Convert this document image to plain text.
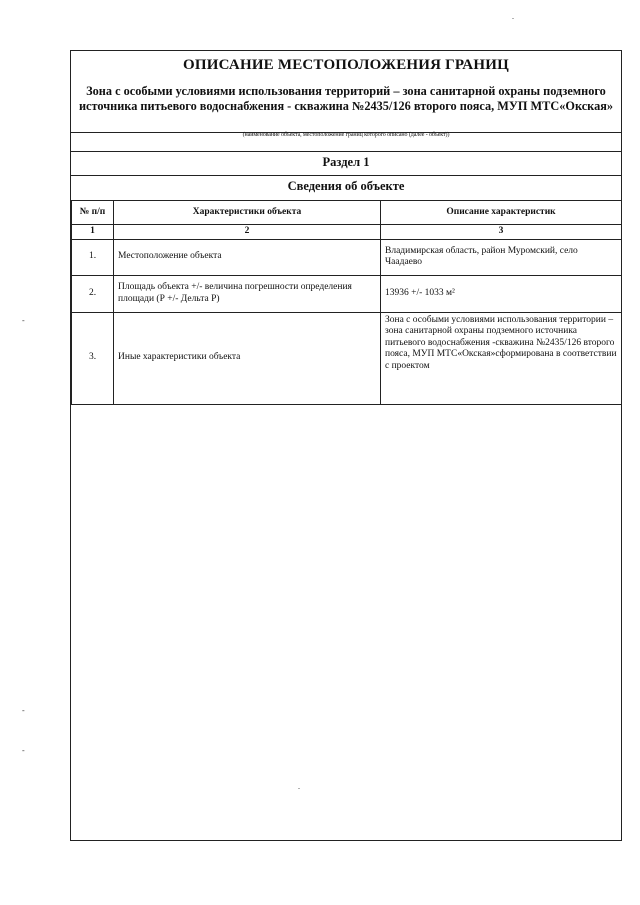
ОПИСАНИЕ МЕСТОПОЛОЖЕНИЯ ГРАНИЦ
Зона с особыми условиями использования территорий – зона санитарной охраны подземного источника питьевого водоснабжения - скважина №2435/126 второго пояса, МУП МТС«Окская»
(наименование объекта, местоположение границ которого описано (далее - объект))
Раздел 1
Сведения об объекте
№ п/п	Характеристики объекта	Описание характеристик
1	2	3
1.	Местоположение объекта	Владимирская область, район Муромский, село Чаадаево
2.	Площадь объекта +/- величина погрешности определения площади (Р +/- Дельта Р)	13936 +/- 1033 м²
3.	Иные характеристики объекта	Зона с особыми условиями использования территории – зона санитарной охраны подземного источника питьевого водоснабжения -скважина №2435/126 второго пояса, МУП МТС«Окская»сформирована в соответствии с проектом
-
-
-
.
.
